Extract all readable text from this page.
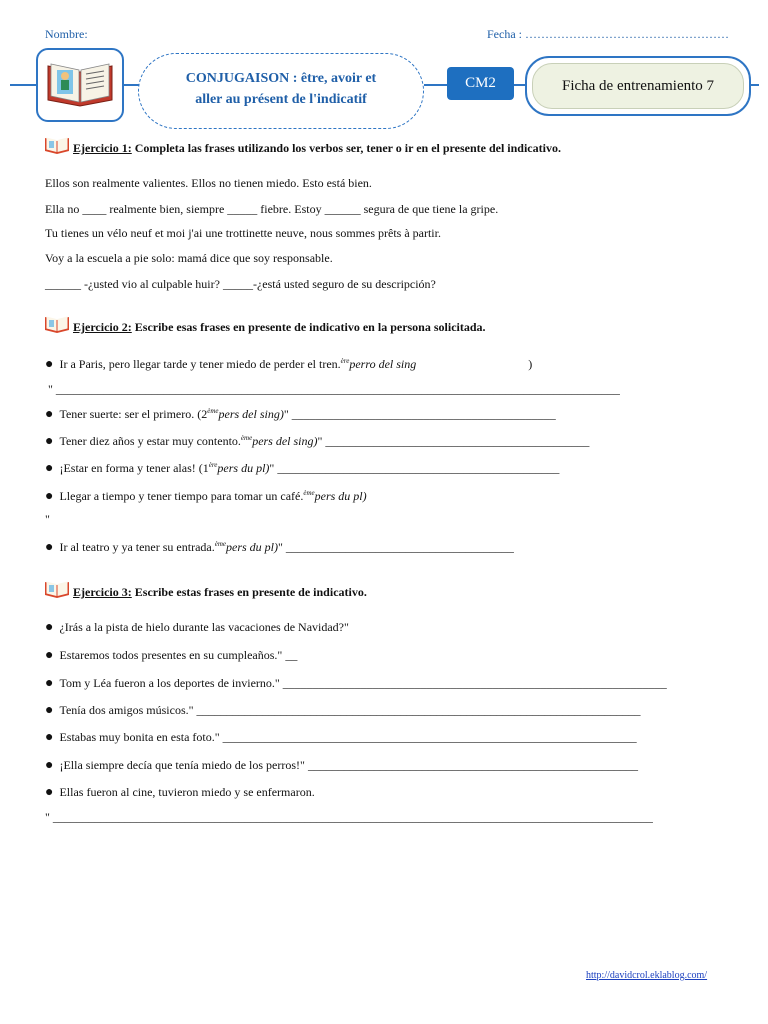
Nombre:	Fecha : ……………………………………………
CONJUGAISON : être, avoir et
aller au présent de l'indicatif
CM2	Ficha de entrenamiento 7
Ejercicio 1: Completa las frases utilizando los verbos ser, tener o ir en el presente del indicativo.
Ellos son realmente valientes. Ellos no tienen miedo. Esto está bien.
Ella no ____ realmente bien, siempre _____ fiebre. Estoy ______ segura de que tiene la gripe.
Tu tienes un vélo neuf et moi j'ai une trottinette neuve, nous sommes prêts à partir.
Voy a la escuela a pie solo: mamá dice que soy responsable.
______ -¿usted vio al culpable huir? _____-¿está usted seguro de su descripción?
Ejercicio 2: Escribe esas frases en presente de indicativo en la persona solicitada.
● Ir a Paris, pero llegar tarde y tener miedo de perder el tren.$^{ère}$perro del sing	)
" ______________________________________________________________________________________________
● Tener suerte: ser el primero. (2èmepers del sing)" ____________________________________________
● Tener diez años y estar muy contento.$^{ème}$pers del sing)" ____________________________________________
● ¡Estar en forma y tener alas! (1èrepers du pl)" _______________________________________________
● Llegar a tiempo y tener tiempo para tomar un café.$^{ème}$pers du pl)
"
● Ir al teatro y ya tener su entrada.$^{ème}$pers du pl)" ______________________________________
Ejercicio 3: Escribe estas frases en presente de indicativo.
● ¿Irás a la pista de hielo durante las vacaciones de Navidad?"
● Estaremos todos presentes en su cumpleaños." __
● Tom y Léa fueron a los deportes de invierno." ________________________________________________________________
● Tenía dos amigos músicos." __________________________________________________________________________
● Estabas muy bonita en esta foto." _____________________________________________________________________
● ¡Ella siempre decía que tenía miedo de los perros!" _______________________________________________________
● Ellas fueron al cine, tuvieron miedo y se enfermaron.
" ____________________________________________________________________________________________________
http://davidcrol.eklablog.com/
